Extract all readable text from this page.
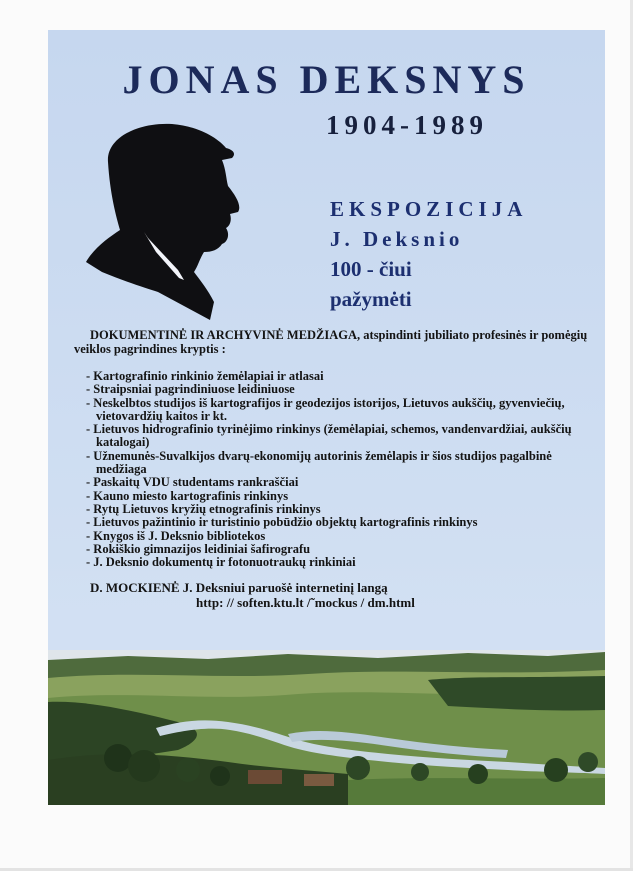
JONAS DEKSNYS

1904-1989

EKSPOZICIJA
J. Deksnio
100 - čiui
pažymėti

DOKUMENTINĖ IR ARCHYVINĖ MEDŽIAGA, atspindinti jubiliato profesinės ir pomėgių veiklos pagrindines kryptis :

- Kartografinio rinkinio žemėlapiai ir atlasai
- Straipsniai pagrindiniuose leidiniuose
- Neskelbtos studijos iš kartografijos ir geodezijos istorijos, Lietuvos aukščių, gyvenviečių, vietovardžių kaitos ir kt.
- Lietuvos hidrografinio tyrinėjimo rinkinys (žemėlapiai, schemos, vandenvardžiai, aukščių katalogai)
- Užnemunės-Suvalkijos dvarų-ekonomijų autorinis žemėlapis ir šios studijos pagalbinė medžiaga
- Paskaitų VDU studentams rankraščiai
- Kauno miesto kartografinis rinkinys
- Rytų Lietuvos kryžių etnografinis rinkinys
- Lietuvos pažintinio ir turistinio pobūdžio objektų kartografinis rinkinys
- Knygos iš J. Deksnio bibliotekos
- Rokiškio gimnazijos leidiniai šafirografu
- J. Deksnio dokumentų ir fotonuotraukų rinkiniai
D. MOCKIENĖ J. Deksniui paruošė internetinį langą
http: // soften.ktu.lt /˜mockus / dm.html
